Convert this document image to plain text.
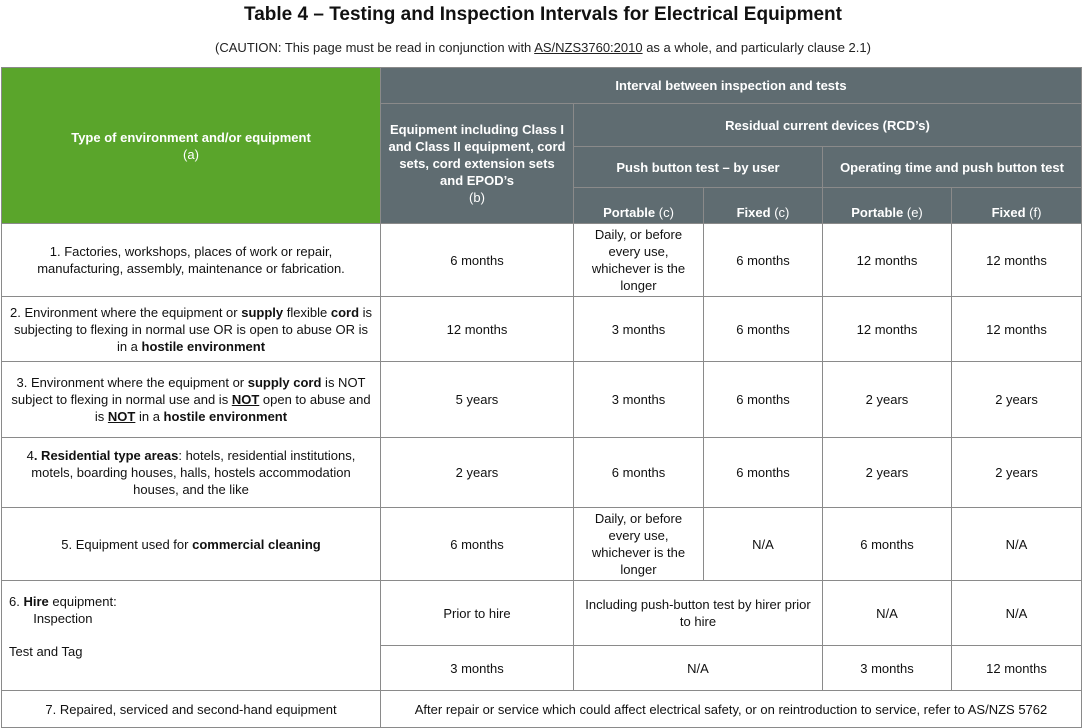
Table 4 – Testing and Inspection Intervals for Electrical Equipment
(CAUTION: This page must be read in conjunction with AS/NZS3760:2010 as a whole, and particularly clause 2.1)
Type of environment and/or equipment
(a)	Interval between inspection and tests				
	Equipment including Class I and Class II equipment, cord sets, cord extension sets and EPOD’s
(b)	Residual current devices (RCD’s)			
		Push button test – by user		Operating time and push button test	
		Portable (c)	Fixed (c)	Portable (e)	Fixed (f)
1. Factories, workshops, places of work or repair, manufacturing, assembly, maintenance or fabrication.	6 months	Daily, or before every use, whichever is the longer	6 months	12 months	12 months
2. Environment where the equipment or supply flexible cord is subjecting to flexing in normal use OR is open to abuse OR is in a hostile environment	12 months	3 months	6 months	12 months	12 months
3. Environment where the equipment or supply cord is NOT subject to flexing in normal use and is NOT open to abuse and is NOT in a hostile environment	5 years	3 months	6 months	2 years	2 years
4. Residential type areas: hotels, residential institutions, motels, boarding houses, halls, hostels accommodation houses, and the like	2 years	6 months	6 months	2 years	2 years
5. Equipment used for commercial cleaning	6 months	Daily, or before every use, whichever is the longer	N/A	6 months	N/A

6. Hire equipment:
Inspection
Test and Tag	Prior to hire	Including push-button test by hirer prior to hire		N/A	N/A
	3 months	N/A		3 months	12 months
7. Repaired, serviced and second-hand equipment	After repair or service which could affect electrical safety, or on reintroduction to service, refer to AS/NZS 5762				
